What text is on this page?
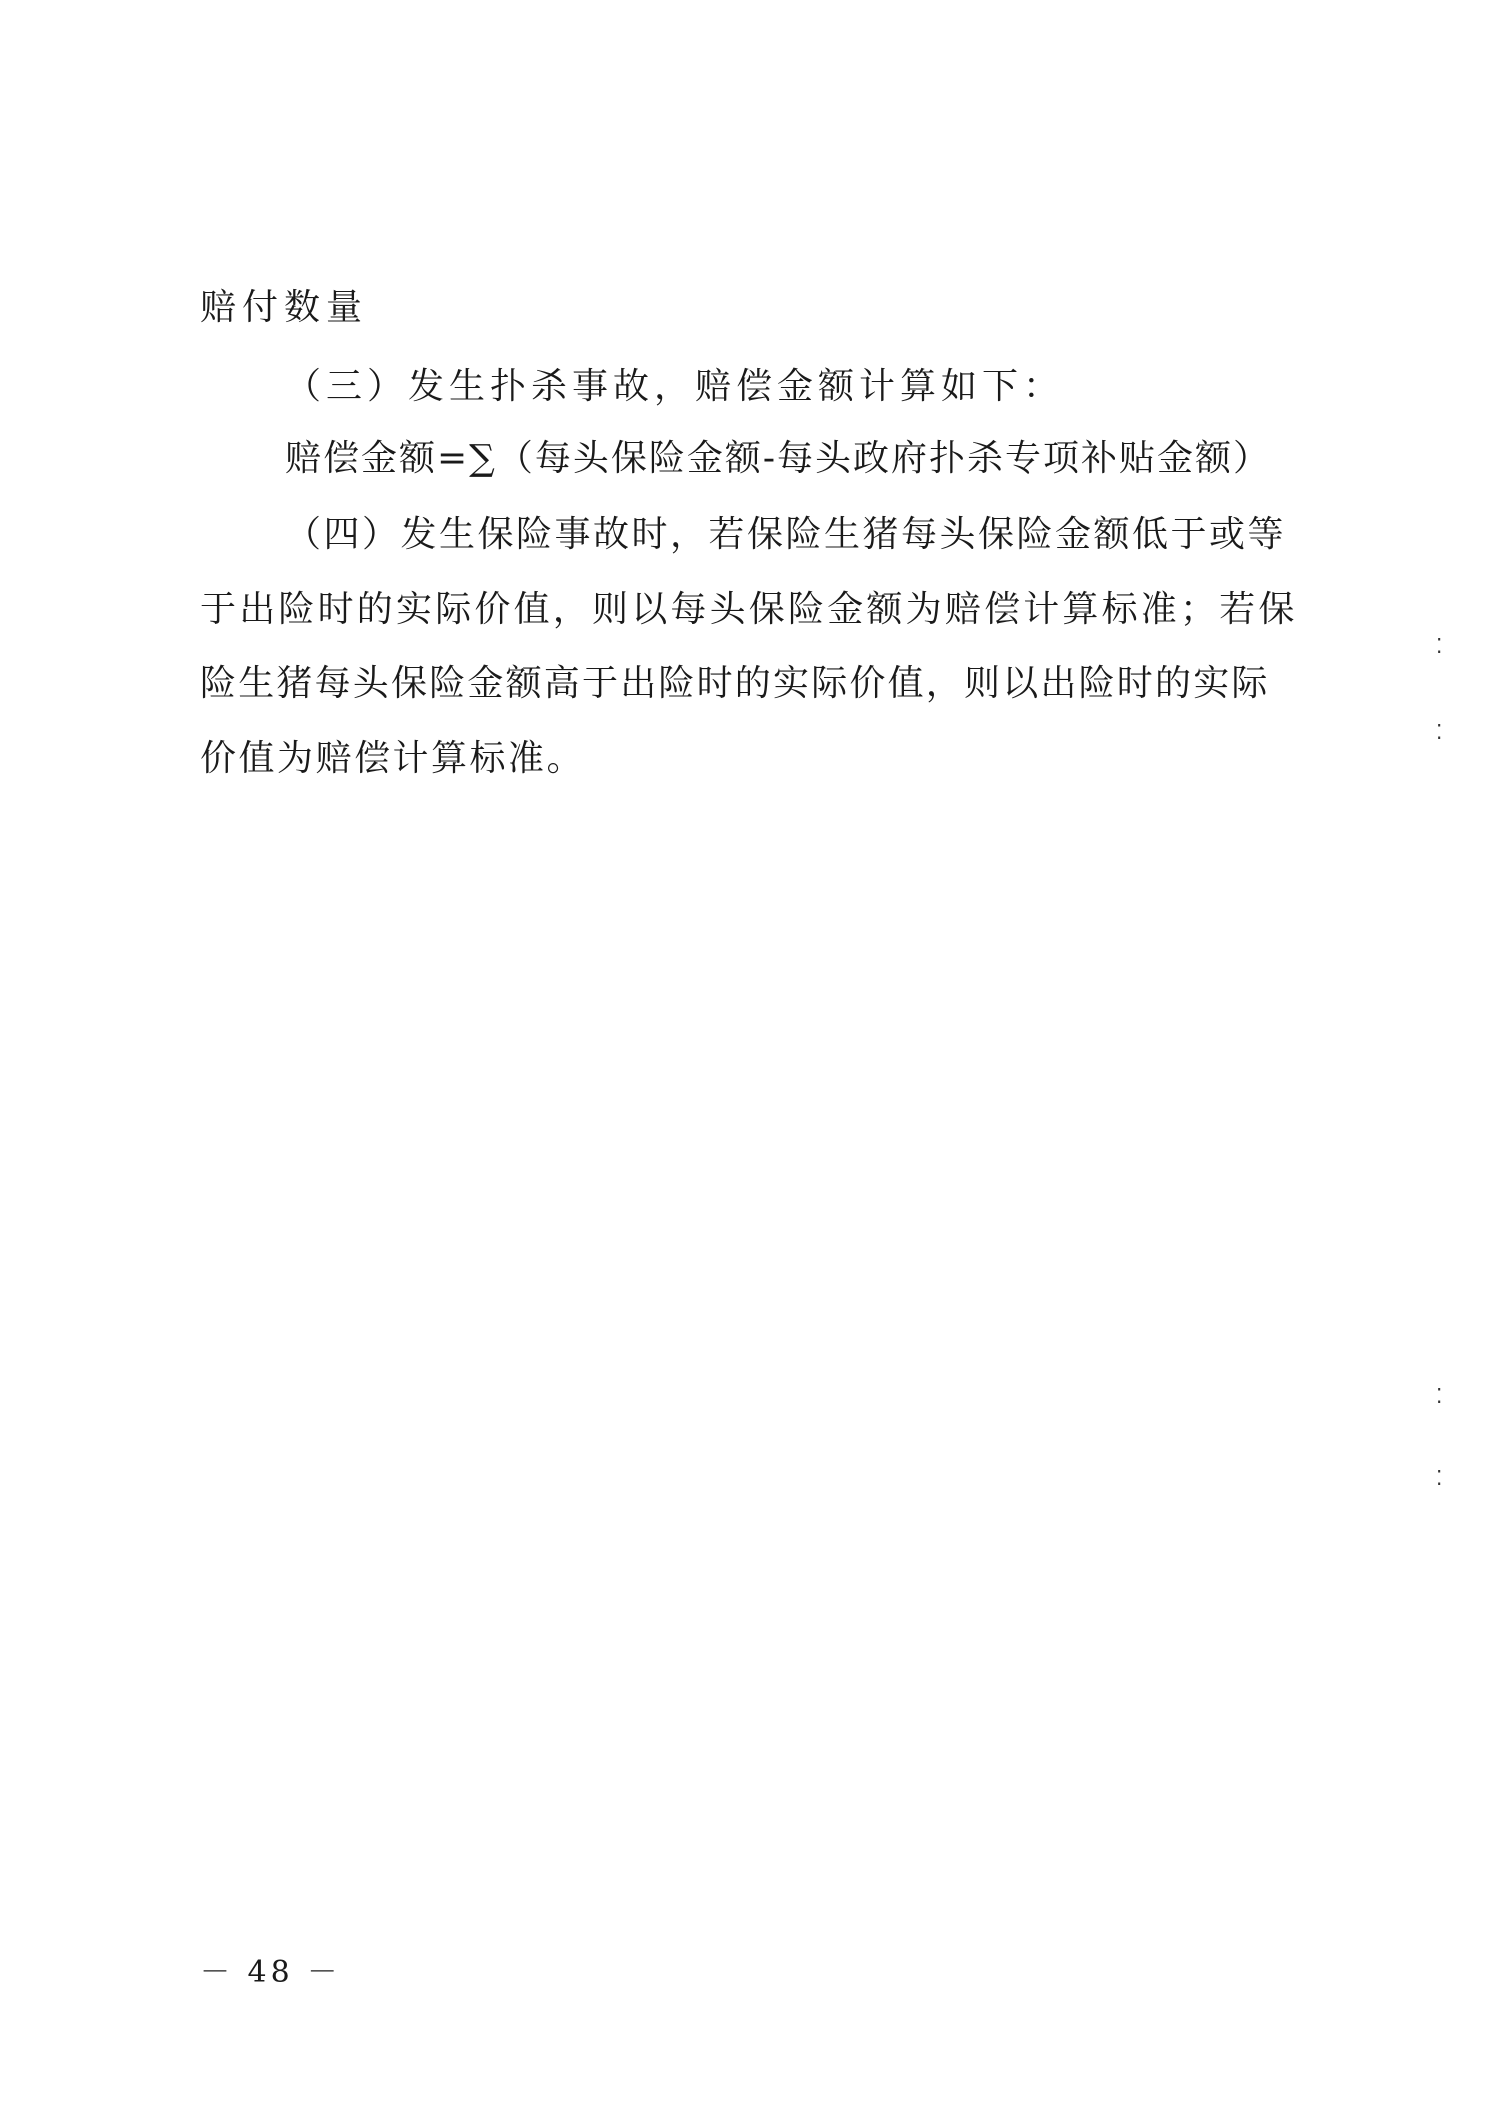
赔付数量
（三）发生扑杀事故，赔偿金额计算如下：
赔偿金额=∑（每头保险金额-每头政府扑杀专项补贴金额）
（四）发生保险事故时，若保险生猪每头保险金额低于或等
于出险时的实际价值，则以每头保险金额为赔偿计算标准；若保
险生猪每头保险金额高于出险时的实际价值，则以出险时的实际
价值为赔偿计算标准。
⁚
⁚
⁚
⁚
－ 48 －
